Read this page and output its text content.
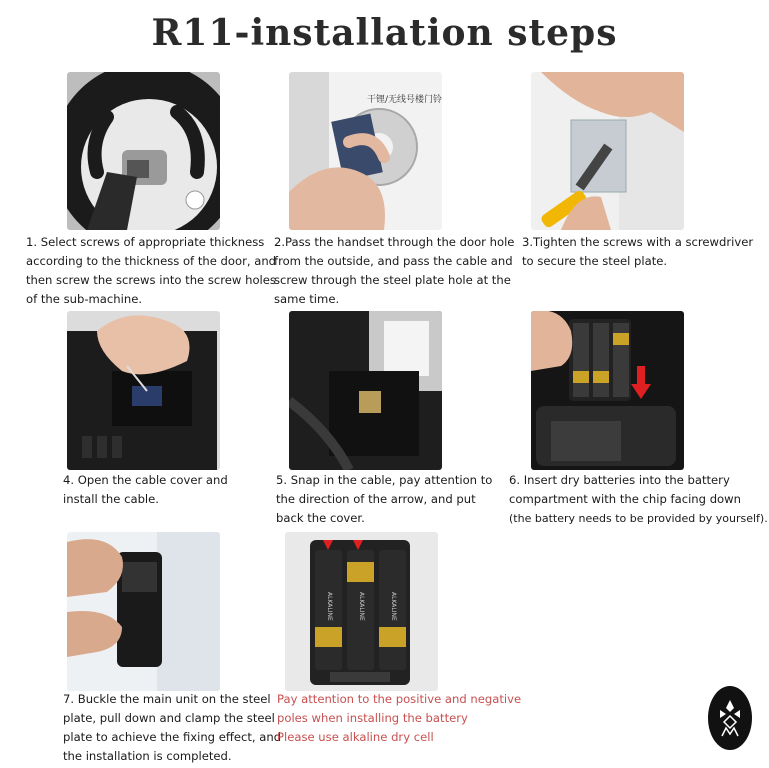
R11-installation steps
干锂/无线号楼门铃
ALKALINE	ALKALINE	ALKALINE
1. Select screws of appropriate thickness
according to the thickness of the door, and
then screw the screws into the screw holes
of the sub-machine.
2.Pass the handset through the door hole
from the outside, and pass the cable and
screw through the steel plate hole at the
same time.
3.Tighten the screws with a screwdriver
to secure the steel plate.
4. Open the cable cover and
install the cable.
5. Snap in the cable, pay attention to
the direction of the arrow, and put
back the cover.
6. Insert dry batteries into the battery
compartment with the chip facing down
(the battery needs to be provided by yourself).
7. Buckle the main unit on the steel
plate, pull down and clamp the steel
plate to achieve the fixing effect, and
the installation is completed.
Pay attention to the positive and negative
poles when installing the battery
Please use alkaline dry cell
